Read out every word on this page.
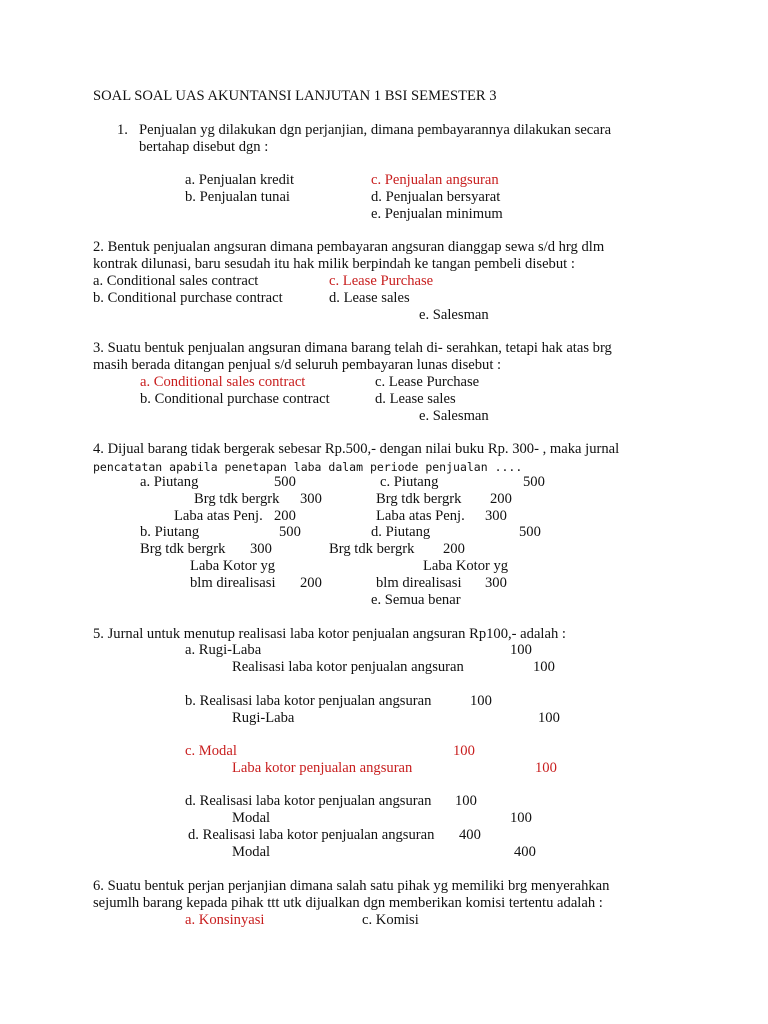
SOAL SOAL UAS AKUNTANSI LANJUTAN 1 BSI SEMESTER 3
1. Penjualan yg dilakukan dgn perjanjian, dimana pembayarannya dilakukan secara
bertahap disebut dgn :
a. Penjualan kredit
b. Penjualan tunai
c. Penjualan angsuran
d. Penjualan bersyarat
e. Penjualan minimum
2. Bentuk penjualan angsuran dimana pembayaran angsuran dianggap sewa s/d hrg dlm
kontrak dilunasi, baru sesudah itu hak milik berpindah ke tangan pembeli disebut :
a. Conditional sales contract
b. Conditional purchase contract
c. Lease Purchase
d. Lease sales
e. Salesman
3. Suatu bentuk penjualan angsuran dimana barang telah di- serahkan, tetapi hak atas brg
masih berada ditangan penjual s/d seluruh pembayaran lunas disebut :
a. Conditional sales contract
b. Conditional purchase contract
c. Lease Purchase
d. Lease sales
e. Salesman
4. Dijual barang tidak bergerak sebesar Rp.500,- dengan nilai buku Rp. 300- , maka jurnal
pencatatan apabila penetapan laba dalam periode penjualan ....
a. Piutang	500
Brg tdk bergrk 300
Laba atas Penj. 200
c. Piutang	500
Brg tdk bergrk 200
Laba atas Penj. 300
b. Piutang	500
Brg tdk bergrk 300
Laba Kotor yg
blm direalisasi 200
d. Piutang	500
Brg tdk bergrk 200
Laba Kotor yg
blm direalisasi 300
e. Semua benar
5. Jurnal untuk menutup realisasi laba kotor penjualan angsuran Rp100,- adalah :
a. Rugi-Laba	100
Realisasi laba kotor penjualan angsuran	100
b. Realisasi laba kotor penjualan angsuran	100
Rugi-Laba	100
c. Modal	100
Laba kotor penjualan angsuran	100
d. Realisasi laba kotor penjualan angsuran 100
Modal	100
d. Realisasi laba kotor penjualan angsuran 400
Modal	400
6. Suatu bentuk perjan perjanjian dimana salah satu pihak yg memiliki brg menyerahkan
sejumlh barang kepada pihak ttt utk dijualkan dgn memberikan komisi tertentu adalah :
a. Konsinyasi	c. Komisi
